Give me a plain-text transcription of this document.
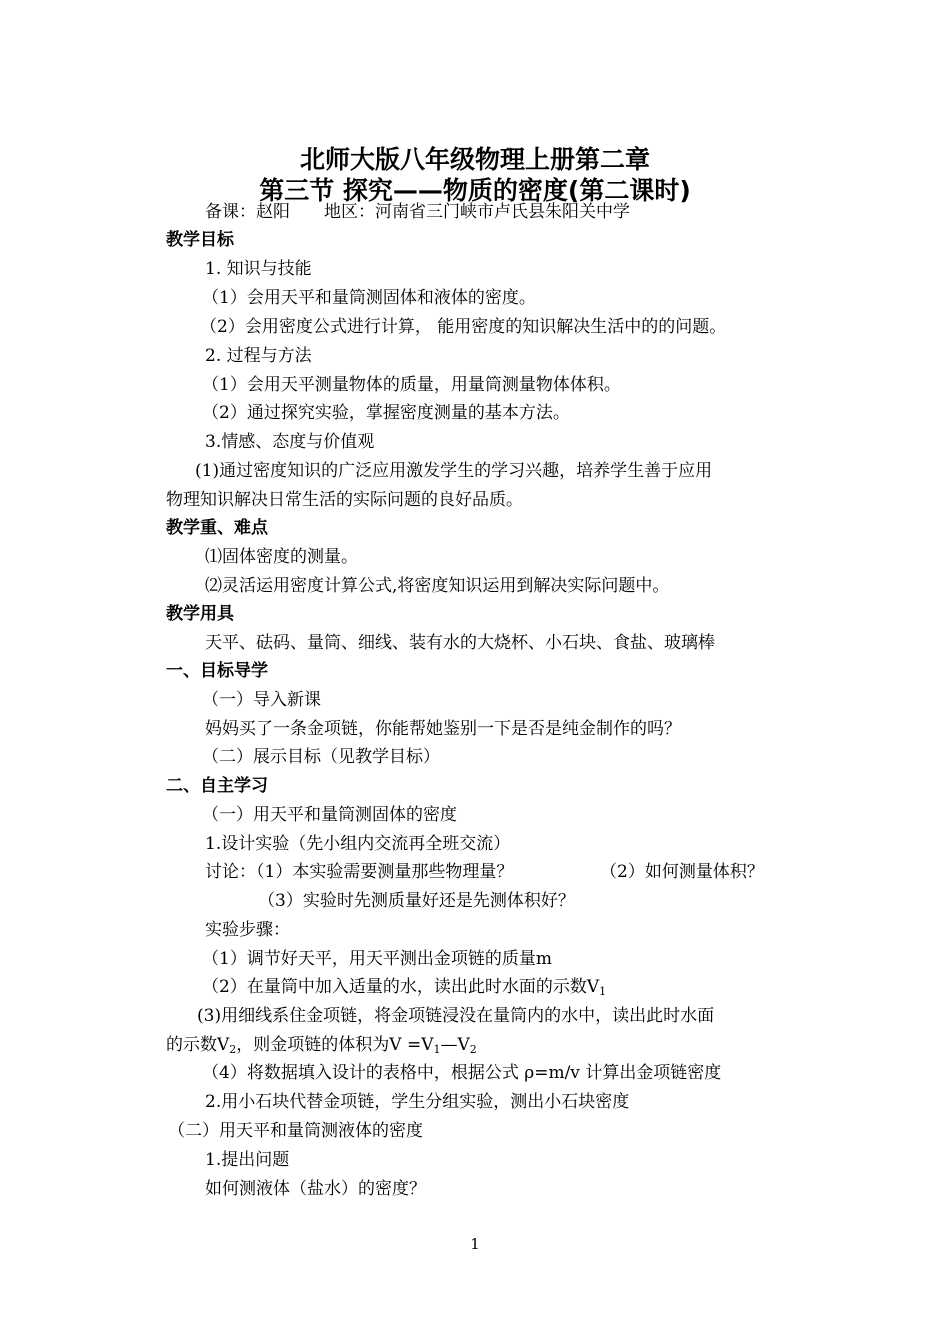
北师大版八年级物理上册第二章
第三节 探究——物质的密度(第二课时)
备课：赵阳　　地区：河南省三门峡市卢氏县朱阳关中学
教学目标
1. 知识与技能
（1）会用天平和量筒测固体和液体的密度。
（2）会用密度公式进行计算， 能用密度的知识解决生活中的的问题。
2. 过程与方法
（1）会用天平测量物体的质量，用量筒测量物体体积。
（2）通过探究实验，掌握密度测量的基本方法。
3.情感、态度与价值观
(1)通过密度知识的广泛应用激发学生的学习兴趣，培养学生善于应用
物理知识解决日常生活的实际问题的良好品质。
教学重、难点
⑴固体密度的测量。
⑵灵活运用密度计算公式,将密度知识运用到解决实际问题中。
教学用具
天平、砝码、量筒、细线、装有水的大烧杯、小石块、食盐、玻璃棒
一、目标导学
（一）导入新课
妈妈买了一条金项链，你能帮她鉴别一下是否是纯金制作的吗？
（二）展示目标（见教学目标）
二、自主学习
（一）用天平和量筒测固体的密度
1.设计实验（先小组内交流再全班交流）
讨论：（1）本实验需要测量那些物理量？	（2）如何测量体积？
（3）实验时先测质量好还是先测体积好？
实验步骤：
（1）调节好天平，用天平测出金项链的质量m
（2）在量筒中加入适量的水，读出此时水面的示数$V_1$
(3)用细线系住金项链，将金项链浸没在量筒内的水中，读出此时水面
的示数$V_2$，则金项链的体积为$V =V_1—V_2$
（4）将数据填入设计的表格中，根据公式 ρ=m/v 计算出金项链密度
2.用小石块代替金项链，学生分组实验，测出小石块密度
（二）用天平和量筒测液体的密度
1.提出问题
如何测液体（盐水）的密度？
1
